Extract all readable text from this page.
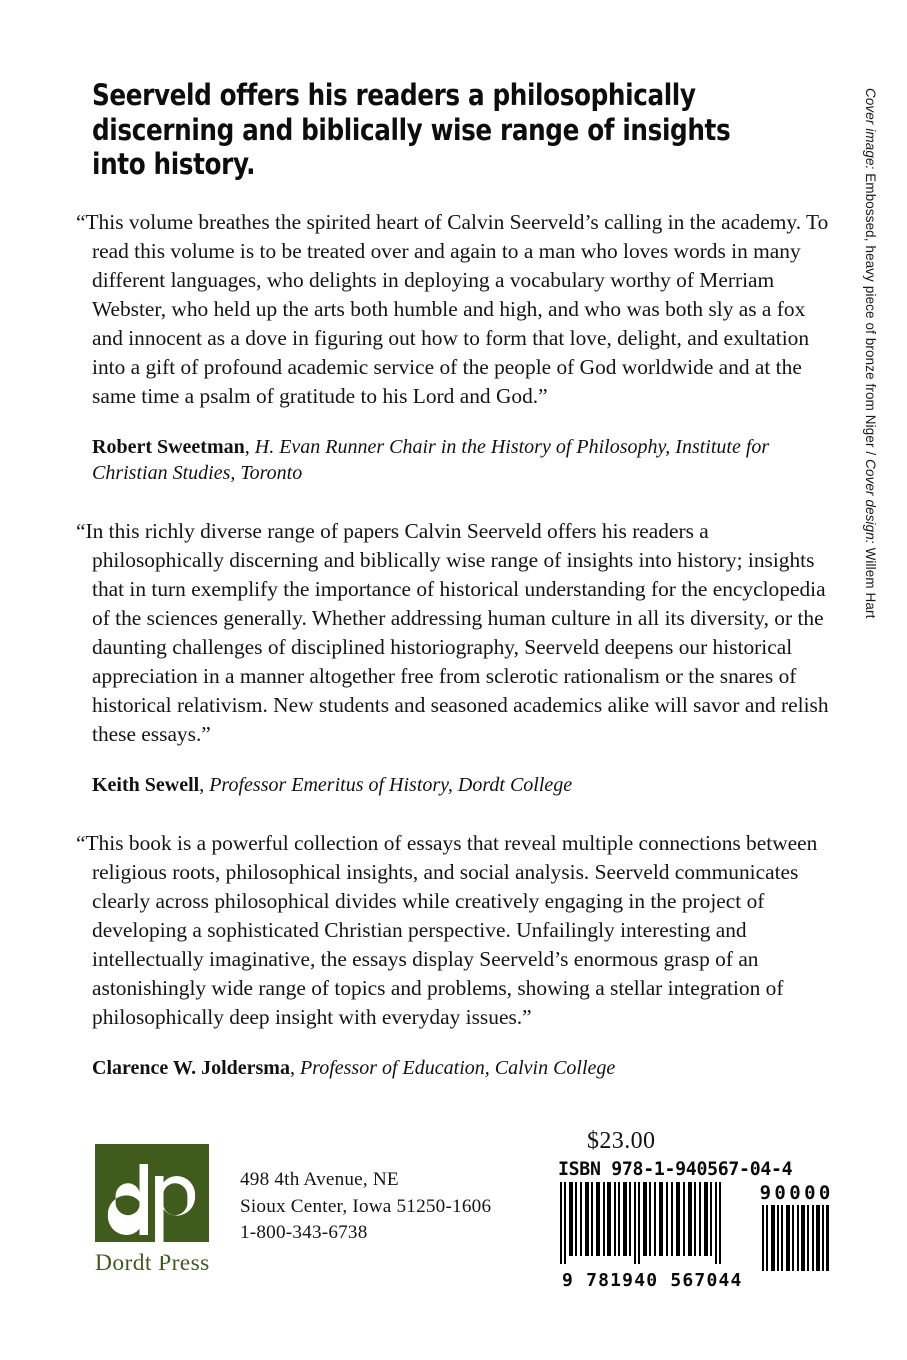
Seerveld offers his readers a philosophically discerning and biblically wise range of insights into history.

“This volume breathes the spirited heart of Calvin Seerveld’s calling in the academy. To read this volume is to be treated over and again to a man who loves words in many different languages, who delights in deploying a vocabulary worthy of Merriam Webster, who held up the arts both humble and high, and who was both sly as a fox and innocent as a dove in figuring out how to form that love, delight, and exultation into a gift of profound academic service of the people of God worldwide and at the same time a psalm of gratitude to his Lord and God.”

Robert Sweetman, H. Evan Runner Chair in the History of Philosophy, Institute for Christian Studies, Toronto

“In this richly diverse range of papers Calvin Seerveld offers his readers a philosophically discerning and biblically wise range of insights into history; insights that in turn exemplify the importance of historical understanding for the encyclopedia of the sciences generally. Whether addressing human culture in all its diversity, or the daunting challenges of disciplined historiography, Seerveld deepens our historical appreciation in a manner altogether free from sclerotic rationalism or the snares of historical relativism. New students and seasoned academics alike will savor and relish these essays.”

Keith Sewell, Professor Emeritus of History, Dordt College

“This book is a powerful collection of essays that reveal multiple connections between religious roots, philosophical insights, and social analysis. Seerveld communicates clearly across philosophical divides while creatively engaging in the project of developing a sophisticated Christian perspective. Unfailingly interesting and intellectually imaginative, the essays display Seerveld’s enormous grasp of an astonishingly wide range of topics and problems, showing a stellar integration of philosophically deep insight with everyday issues.”

Clarence W. Joldersma, Professor of Education, Calvin College

Dordt Press
498 4th Avenue, NE
Sioux Center, Iowa 51250-1606
1-800-343-6738
$23.00
ISBN 978-1-940567-04-4
9 781940 567044
90000
Cover image: Embossed, heavy piece of bronze from Niger / Cover design: Willem Hart
